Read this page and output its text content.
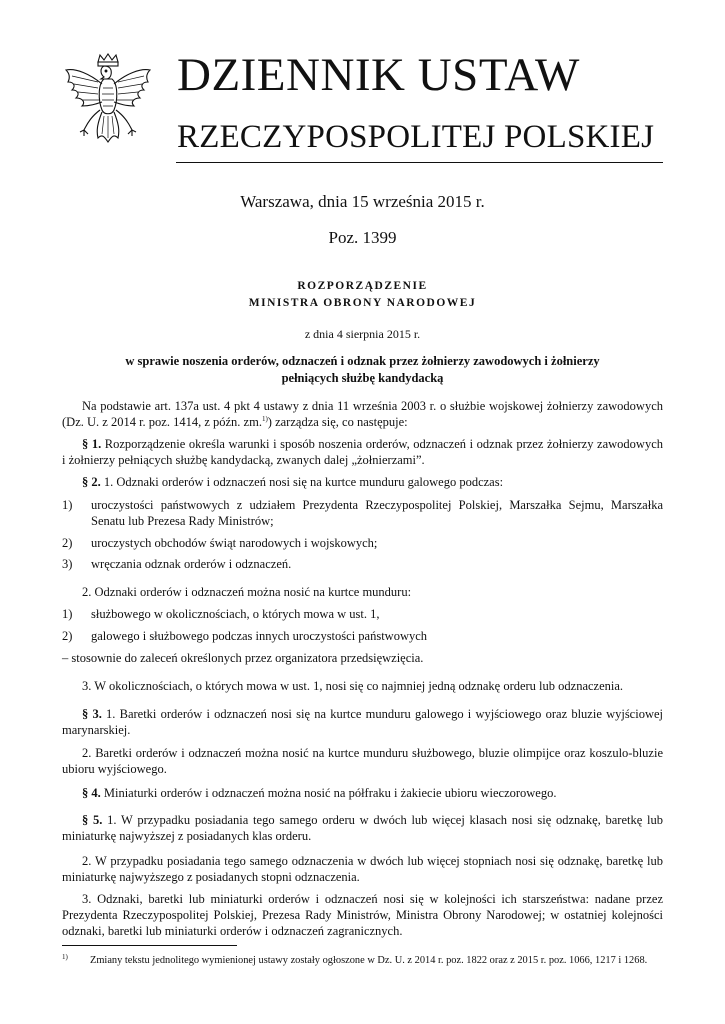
DZIENNIK USTAW
RZECZYPOSPOLITEJ POLSKIEJ
Warszawa, dnia 15 września 2015 r.
Poz. 1399
ROZPORZĄDZENIE
MINISTRA OBRONY NARODOWEJ
z dnia 4 sierpnia 2015 r.
w sprawie noszenia orderów, odznaczeń i odznak przez żołnierzy zawodowych i żołnierzy
pełniących służbę kandydacką
Na podstawie art. 137a ust. 4 pkt 4 ustawy z dnia 11 września 2003 r. o służbie wojskowej żołnierzy zawodowych (Dz. U. z 2014 r. poz. 1414, z późn. zm.$^{1)}$) zarządza się, co następuje:
§ 1. Rozporządzenie określa warunki i sposób noszenia orderów, odznaczeń i odznak przez żołnierzy zawodowych i żołnierzy pełniących służbę kandydacką, zwanych dalej „żołnierzami”.
§ 2. 1. Odznaki orderów i odznaczeń nosi się na kurtce munduru galowego podczas:
1) uroczystości państwowych z udziałem Prezydenta Rzeczypospolitej Polskiej, Marszałka Sejmu, Marszałka Senatu lub Prezesa Rady Ministrów;
2) uroczystych obchodów świąt narodowych i wojskowych;
3) wręczania odznak orderów i odznaczeń.
2. Odznaki orderów i odznaczeń można nosić na kurtce munduru:
1) służbowego w okolicznościach, o których mowa w ust. 1,
2) galowego i służbowego podczas innych uroczystości państwowych
– stosownie do zaleceń określonych przez organizatora przedsięwzięcia.
3. W okolicznościach, o których mowa w ust. 1, nosi się co najmniej jedną odznakę orderu lub odznaczenia.
§ 3. 1. Baretki orderów i odznaczeń nosi się na kurtce munduru galowego i wyjściowego oraz bluzie wyjściowej marynarskiej.
2. Baretki orderów i odznaczeń można nosić na kurtce munduru służbowego, bluzie olimpijce oraz koszulo-bluzie ubioru wyjściowego.
§ 4. Miniaturki orderów i odznaczeń można nosić na półfraku i żakiecie ubioru wieczorowego.
§ 5. 1. W przypadku posiadania tego samego orderu w dwóch lub więcej klasach nosi się odznakę, baretkę lub miniaturkę najwyższej z posiadanych klas orderu.
2. W przypadku posiadania tego samego odznaczenia w dwóch lub więcej stopniach nosi się odznakę, baretkę lub miniaturkę najwyższego z posiadanych stopni odznaczenia.
3. Odznaki, baretki lub miniaturki orderów i odznaczeń nosi się w kolejności ich starszeństwa: nadane przez Prezydenta Rzeczypospolitej Polskiej, Prezesa Rady Ministrów, Ministra Obrony Narodowej; w ostatniej kolejności odznaki, baretki lub miniaturki orderów i odznaczeń zagranicznych.
1) Zmiany tekstu jednolitego wymienionej ustawy zostały ogłoszone w Dz. U. z 2014 r. poz. 1822 oraz z 2015 r. poz. 1066, 1217 i 1268.
